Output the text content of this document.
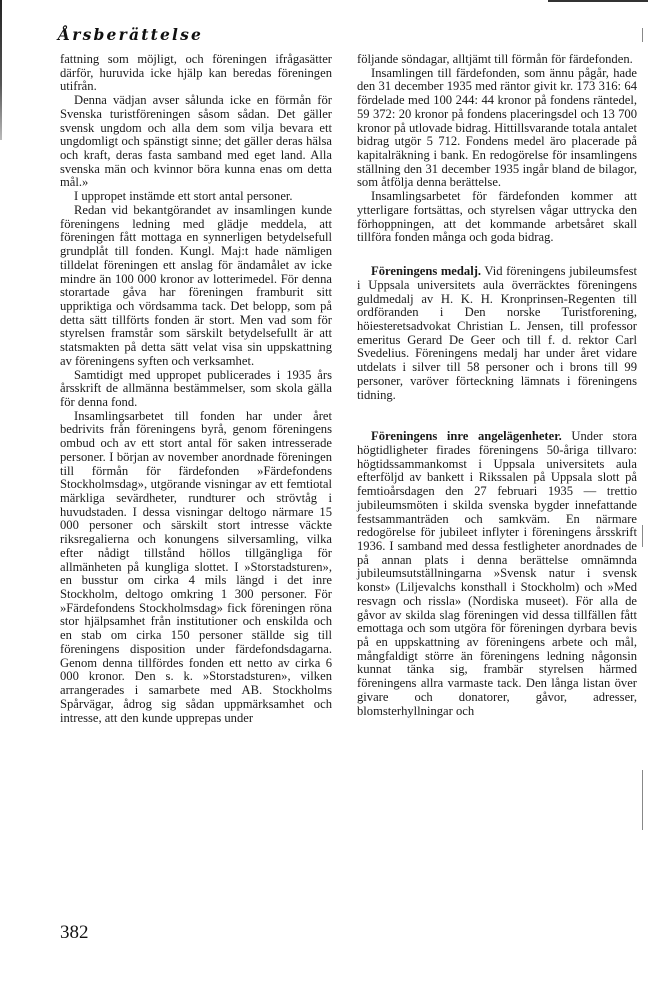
Årsberättelse

fattning som möjligt, och föreningen ifrågasätter därför, huruvida icke hjälp kan beredas föreningen utifrån.

Denna vädjan avser sålunda icke en förmån för Svenska turistföreningen såsom sådan. Det gäller svensk ungdom och alla dem som vilja bevara ett ungdomligt och spänstigt sinne; det gäller deras hälsa och kraft, deras fasta samband med eget land. Alla svenska män och kvinnor böra kunna enas om detta mål.»

I uppropet instämde ett stort antal personer.

Redan vid bekantgörandet av insamlingen kunde föreningens ledning med glädje meddela, att föreningen fått mottaga en synnerligen betydelsefull grundplåt till fonden. Kungl. Maj:t hade nämligen tilldelat föreningen ett anslag för ändamålet av icke mindre än 100 000 kronor av lotterimedel. För denna storartade gåva har föreningen framburit sitt uppriktiga och vördsamma tack. Det belopp, som på detta sätt tillförts fonden är stort. Men vad som för styrelsen framstår som särskilt betydelsefullt är att statsmakten på detta sätt velat visa sin uppskattning av föreningens syften och verksamhet.

Samtidigt med uppropet publicerades i 1935 års årsskrift de allmänna bestämmelser, som skola gälla för denna fond.

Insamlingsarbetet till fonden har under året bedrivits från föreningens byrå, genom föreningens ombud och av ett stort antal för saken intresserade personer. I början av november anordnade föreningen till förmån för färdefonden »Färdefondens Stockholmsdag», utgörande visningar av ett femtiotal märkliga sevärdheter, rundturer och strövtåg i huvudstaden. I dessa visningar deltogo närmare 15 000 personer och särskilt stort intresse väckte riksregalierna och konungens silversamling, vilka efter nådigt tillstånd höllos tillgängliga för allmänheten på kungliga slottet. I »Storstadsturen», en busstur om cirka 4 mils längd i det inre Stockholm, deltogo omkring 1 300 personer. För »Färdefondens Stockholmsdag» fick föreningen röna stor hjälpsamhet från institutioner och enskilda och en stab om cirka 150 personer ställde sig till föreningens disposition under färdefondsdagarna. Genom denna tillfördes fonden ett netto av cirka 6 000 kronor. Den s. k. »Storstadsturen», vilken arrangerades i samarbete med AB. Stockholms Spårvägar, ådrog sig sådan uppmärksamhet och intresse, att den kunde upprepas under

följande söndagar, alltjämt till förmån för färdefonden.

Insamlingen till färdefonden, som ännu pågår, hade den 31 december 1935 med räntor givit kr. 173 316: 64 fördelade med 100 244: 44 kronor på fondens räntedel, 59 372: 20 kronor på fondens placeringsdel och 13 700 kronor på utlovade bidrag. Hittillsvarande totala antalet bidrag utgör 5 712. Fondens medel äro placerade på kapitalräkning i bank. En redogörelse för insamlingens ställning den 31 december 1935 ingår bland de bilagor, som åtfölja denna berättelse.

Insamlingsarbetet för färdefonden kommer att ytterligare fortsättas, och styrelsen vågar uttrycka den förhoppningen, att det kommande arbetsåret skall tillföra fonden många och goda bidrag.

Föreningens medalj. Vid föreningens jubileumsfest i Uppsala universitets aula överräcktes föreningens guldmedalj av H. K. H. Kronprinsen-Regenten till ordföranden i Den norske Turistforening, höiesteretsadvokat Christian L. Jensen, till professor emeritus Gerard De Geer och till f. d. rektor Carl Svedelius. Föreningens medalj har under året vidare utdelats i silver till 58 personer och i brons till 99 personer, varöver förteckning lämnats i föreningens tidning.

Föreningens inre angelägenheter. Under stora högtidligheter firades föreningens 50-åriga tillvaro: högtidssammankomst i Uppsala universitets aula efterföljd av bankett i Rikssalen på Uppsala slott på femtioårsdagen den 27 februari 1935 — trettio jubileumsmöten i skilda svenska bygder innefattande festsammanträden och samkväm. En närmare redogörelse för jubileet inflyter i föreningens årsskrift 1936. I samband med dessa festligheter anordnades de på annan plats i denna berättelse omnämnda jubileumsutställningarna »Svensk natur i svensk konst» (Liljevalchs konsthall i Stockholm) och »Med resvagn och rissla» (Nordiska museet). För alla de gåvor av skilda slag föreningen vid dessa tillfällen fått emottaga och som utgöra för föreningen dyrbara bevis på en uppskattning av föreningens arbete och mål, mångfaldigt större än föreningens ledning någonsin kunnat tänka sig, frambär styrelsen härmed föreningens allra varmaste tack. Den långa listan över givare och donatorer, gåvor, adresser, blomsterhyllningar och

382
